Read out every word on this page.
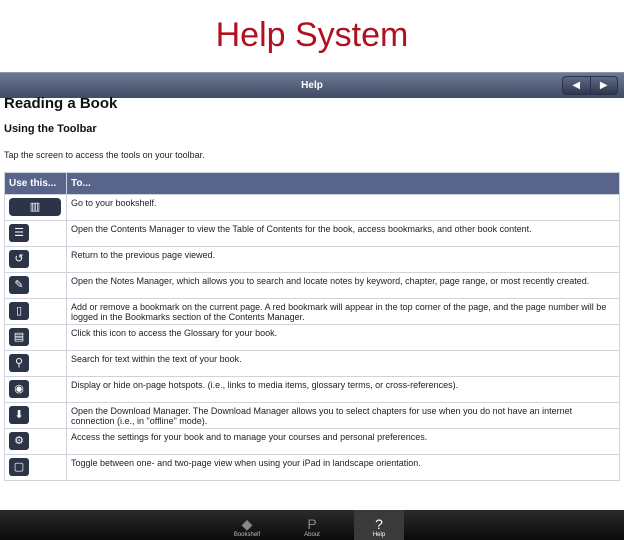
Help System
Help	◀	▶
Reading a Book
Using the Toolbar
Tap the screen to access the tools on your toolbar.
Use this...	To...
▥	Go to your bookshelf.
☰	Open the Contents Manager to view the Table of Contents for the book, access bookmarks, and other book content.
↺	Return to the previous page viewed.
✎	Open the Notes Manager, which allows you to search and locate notes by keyword, chapter, page range, or most recently created.
▯	Add or remove a bookmark on the current page. A red bookmark will appear in the top corner of the page, and the page number will be logged in the Bookmarks section of the Contents Manager.
▤	Click this icon to access the Glossary for your book.
⚲	Search for text within the text of your book.
◉	Display or hide on-page hotspots. (i.e., links to media items, glossary terms, or cross-references).
⬇	Open the Download Manager. The Download Manager allows you to select chapters for use when you do not have an internet connection (i.e., in "offline" mode).
⚙	Access the settings for your book and to manage your courses and personal preferences.
▢	Toggle between one- and two-page view when using your iPad in landscape orientation.
◆
Bookshelf
P
About
?
Help
